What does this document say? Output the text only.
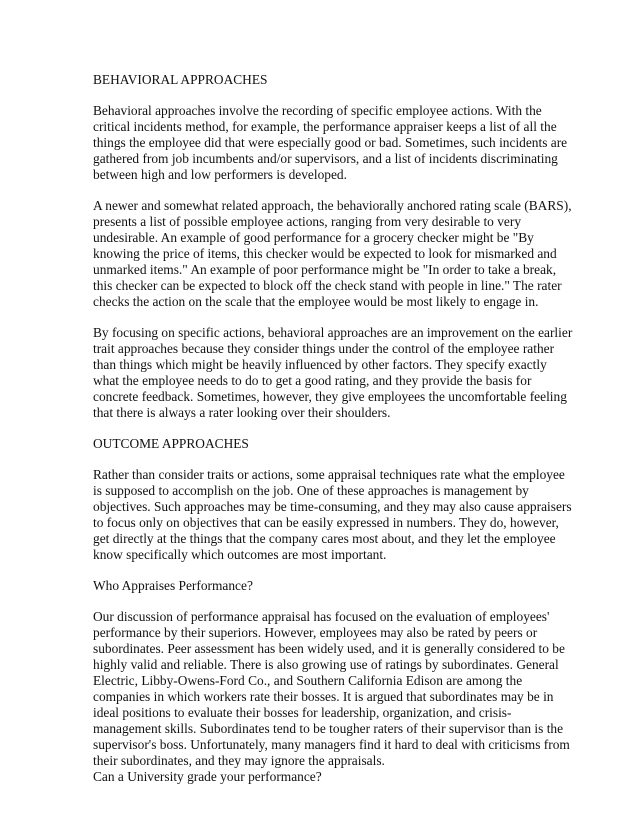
BEHAVIORAL APPROACHES
Behavioral approaches involve the recording of specific employee actions. With the
critical incidents method, for example, the performance appraiser keeps a list of all the
things the employee did that were especially good or bad. Sometimes, such incidents are
gathered from job incumbents and/or supervisors, and a list of incidents discriminating
between high and low performers is developed.
A newer and somewhat related approach, the behaviorally anchored rating scale (BARS),
presents a list of possible employee actions, ranging from very desirable to very
undesirable. An example of good performance for a grocery checker might be "By
knowing the price of items, this checker would be expected to look for mismarked and
unmarked items." An example of poor performance might be "In order to take a break,
this checker can be expected to block off the check stand with people in line." The rater
checks the action on the scale that the employee would be most likely to engage in.
By focusing on specific actions, behavioral approaches are an improvement on the earlier
trait approaches because they consider things under the control of the employee rather
than things which might be heavily influenced by other factors. They specify exactly
what the employee needs to do to get a good rating, and they provide the basis for
concrete feedback. Sometimes, however, they give employees the uncomfortable feeling
that there is always a rater looking over their shoulders.
OUTCOME APPROACHES
Rather than consider traits or actions, some appraisal techniques rate what the employee
is supposed to accomplish on the job. One of these approaches is management by
objectives. Such approaches may be time-consuming, and they may also cause appraisers
to focus only on objectives that can be easily expressed in numbers. They do, however,
get directly at the things that the company cares most about, and they let the employee
know specifically which outcomes are most important.
Who Appraises Performance?
Our discussion of performance appraisal has focused on the evaluation of employees'
performance by their superiors. However, employees may also be rated by peers or
subordinates. Peer assessment has been widely used, and it is generally considered to be
highly valid and reliable. There is also growing use of ratings by subordinates. General
Electric, Libby-Owens-Ford Co., and Southern California Edison are among the
companies in which workers rate their bosses. It is argued that subordinates may be in
ideal positions to evaluate their bosses for leadership, organization, and crisis-
management skills. Subordinates tend to be tougher raters of their supervisor than is the
supervisor's boss. Unfortunately, many managers find it hard to deal with criticisms from
their subordinates, and they may ignore the appraisals.
Can a University grade your performance?
